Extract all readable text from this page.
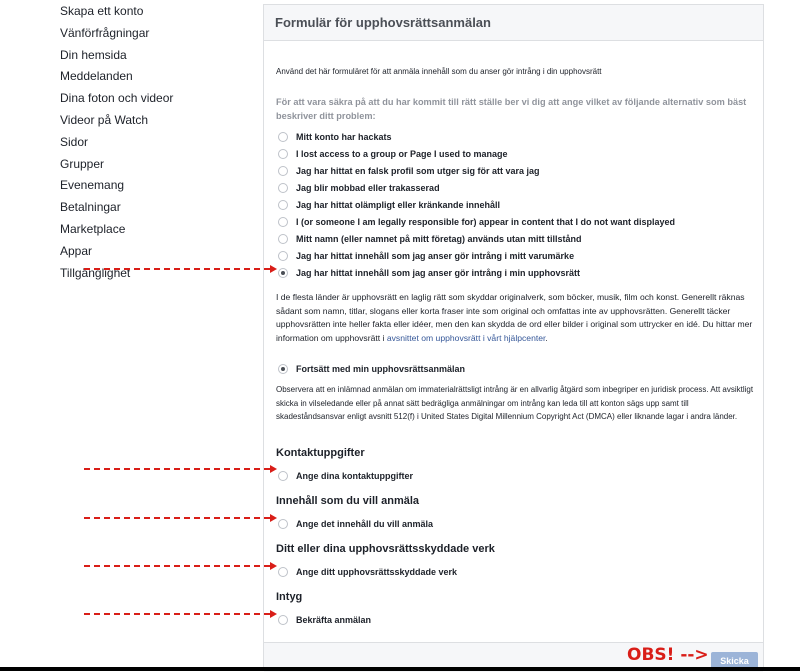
Skapa ett konto
Vänförfrågningar
Din hemsida
Meddelanden
Dina foton och videor
Videor på Watch
Sidor
Grupper
Evenemang
Betalningar
Marketplace
Appar
Tillgänglighet
Formulär för upphovsrättsanmälan
Använd det här formuläret för att anmäla innehåll som du anser gör intrång i din upphovsrätt
För att vara säkra på att du har kommit till rätt ställe ber vi dig att ange vilket av följande alternativ som bäst beskriver ditt problem:
Mitt konto har hackats
I lost access to a group or Page I used to manage
Jag har hittat en falsk profil som utger sig för att vara jag
Jag blir mobbad eller trakasserad
Jag har hittat olämpligt eller kränkande innehåll
I (or someone I am legally responsible for) appear in content that I do not want displayed
Mitt namn (eller namnet på mitt företag) används utan mitt tillstånd
Jag har hittat innehåll som jag anser gör intrång i mitt varumärke
Jag har hittat innehåll som jag anser gör intrång i min upphovsrätt
I de flesta länder är upphovsrätt en laglig rätt som skyddar originalverk, som böcker, musik, film och konst. Generellt räknas sådant som namn, titlar, slogans eller korta fraser inte som original och omfattas inte av upphovsrätten. Generellt täcker upphovsrätten inte heller fakta eller idéer, men den kan skydda de ord eller bilder i original som uttrycker en idé. Du hittar mer information om upphovsrätt i avsnittet om upphovsrätt i vårt hjälpcenter.
Fortsätt med min upphovsrättsanmälan
Observera att en inlämnad anmälan om immaterialrättsligt intrång är en allvarlig åtgärd som inbegriper en juridisk process. Att avsiktligt skicka in vilseledande eller på annat sätt bedrägliga anmälningar om intrång kan leda till att konton sägs upp samt till skadeståndsansvar enligt avsnitt 512(f) i United States Digital Millennium Copyright Act (DMCA) eller liknande lagar i andra länder.
Kontaktuppgifter
Ange dina kontaktuppgifter
Innehåll som du vill anmäla
Ange det innehåll du vill anmäla
Ditt eller dina upphovsrättsskyddade verk
Ange ditt upphovsrättsskyddade verk
Intyg
Bekräfta anmälan
Skicka
OBS! -->
